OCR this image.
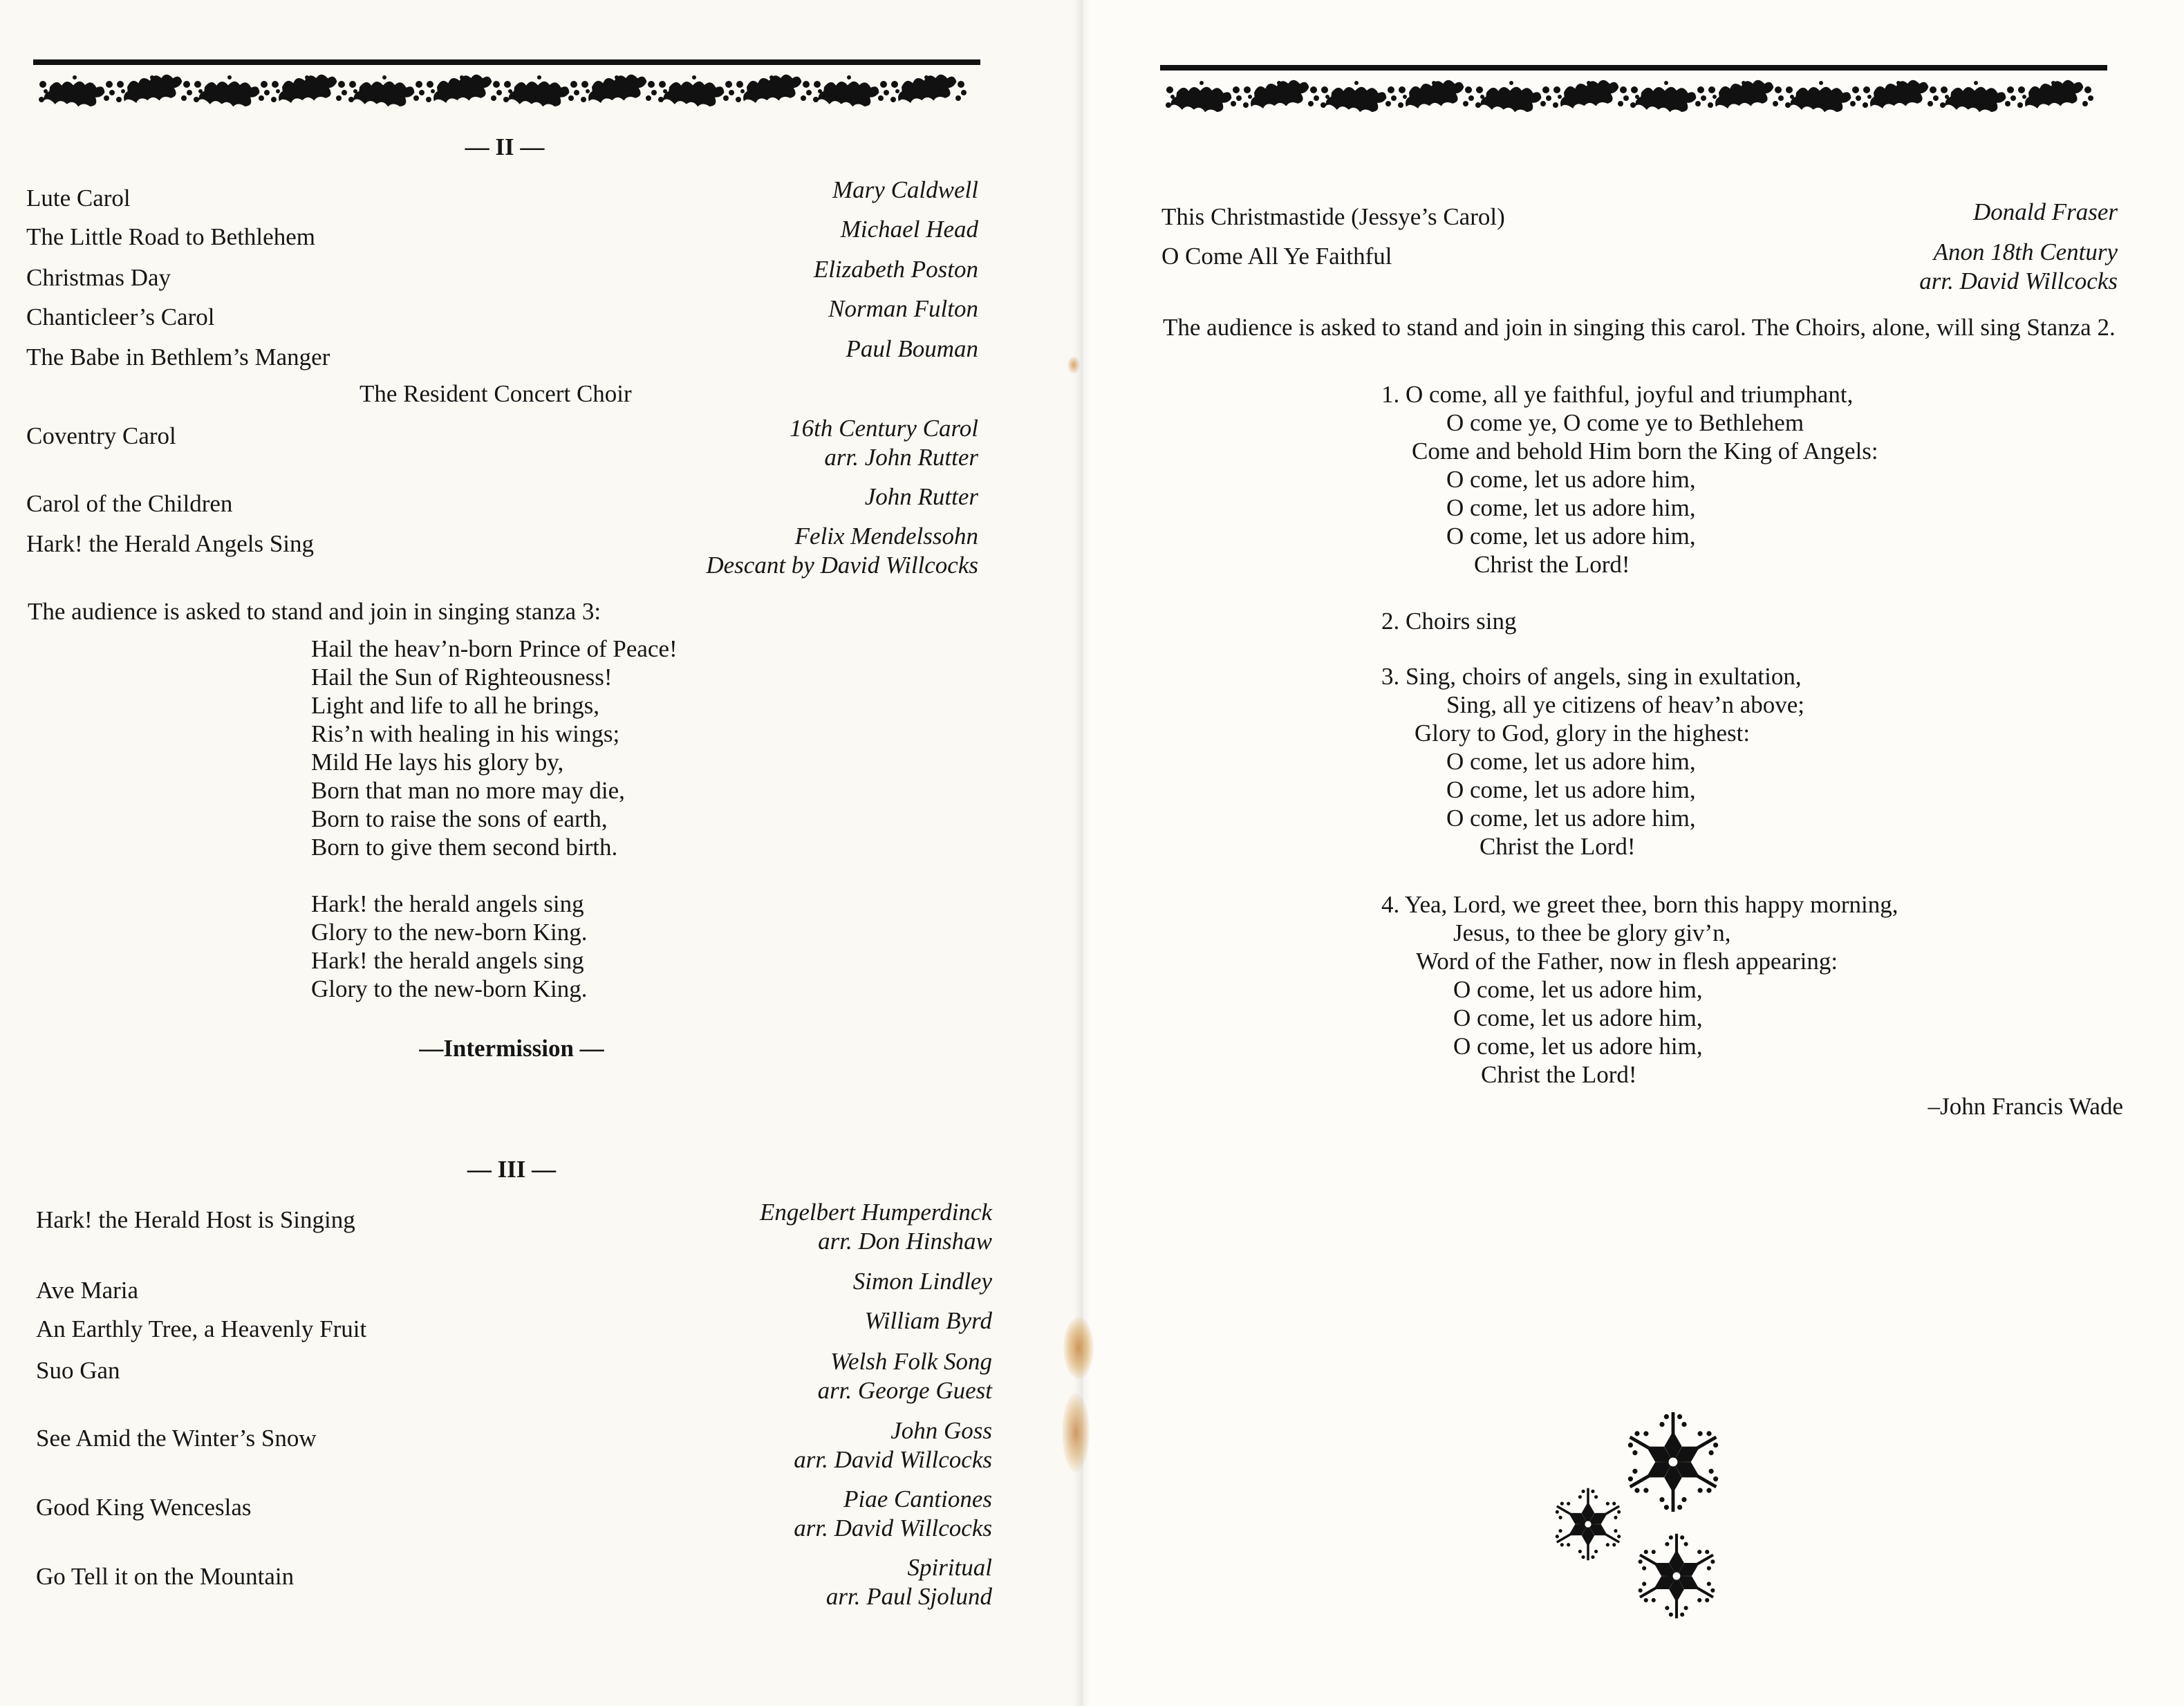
— II —
Lute Carol	Mary Caldwell
The Little Road to Bethlehem	Michael Head
Christmas Day	Elizabeth Poston
Chanticleer’s Carol	Norman Fulton
The Babe in Bethlem’s Manger	Paul Bouman
The Resident Concert Choir
Coventry Carol	16th Century Carol
arr. John Rutter
Carol of the Children	John Rutter
Hark! the Herald Angels Sing	Felix Mendelssohn
Descant by David Willcocks
The audience is asked to stand and join in singing stanza 3:
Hail the heav’n-born Prince of Peace!
Hail the Sun of Righteousness!
Light and life to all he brings,
Ris’n with healing in his wings;
Mild He lays his glory by,
Born that man no more may die,
Born to raise the sons of earth,
Born to give them second birth.
Hark! the herald angels sing
Glory to the new-born King.
Hark! the herald angels sing
Glory to the new-born King.
—Intermission —
— III —
Hark! the Herald Host is Singing	Engelbert Humperdinck
arr. Don Hinshaw
Ave Maria	Simon Lindley
An Earthly Tree, a Heavenly Fruit	William Byrd
Suo Gan	Welsh Folk Song
arr. George Guest
See Amid the Winter’s Snow	John Goss
arr. David Willcocks
Good King Wenceslas	Piae Cantiones
arr. David Willcocks
Go Tell it on the Mountain	Spiritual
arr. Paul Sjolund
This Christmastide (Jessye’s Carol)	Donald Fraser
O Come All Ye Faithful	Anon 18th Century
arr. David Willcocks
The audience is asked to stand and join in singing this carol. The Choirs, alone, will sing Stanza 2.
1. O come, all ye faithful, joyful and triumphant,
O come ye, O come ye to Bethlehem
Come and behold Him born the King of Angels:
O come, let us adore him,
O come, let us adore him,
O come, let us adore him,
Christ the Lord!
2. Choirs sing
3. Sing, choirs of angels, sing in exultation,
Sing, all ye citizens of heav’n above;
Glory to God, glory in the highest:
O come, let us adore him,
O come, let us adore him,
O come, let us adore him,
Christ the Lord!
4. Yea, Lord, we greet thee, born this happy morning,
Jesus, to thee be glory giv’n,
Word of the Father, now in flesh appearing:
O come, let us adore him,
O come, let us adore him,
O come, let us adore him,
Christ the Lord!
–John Francis Wade
